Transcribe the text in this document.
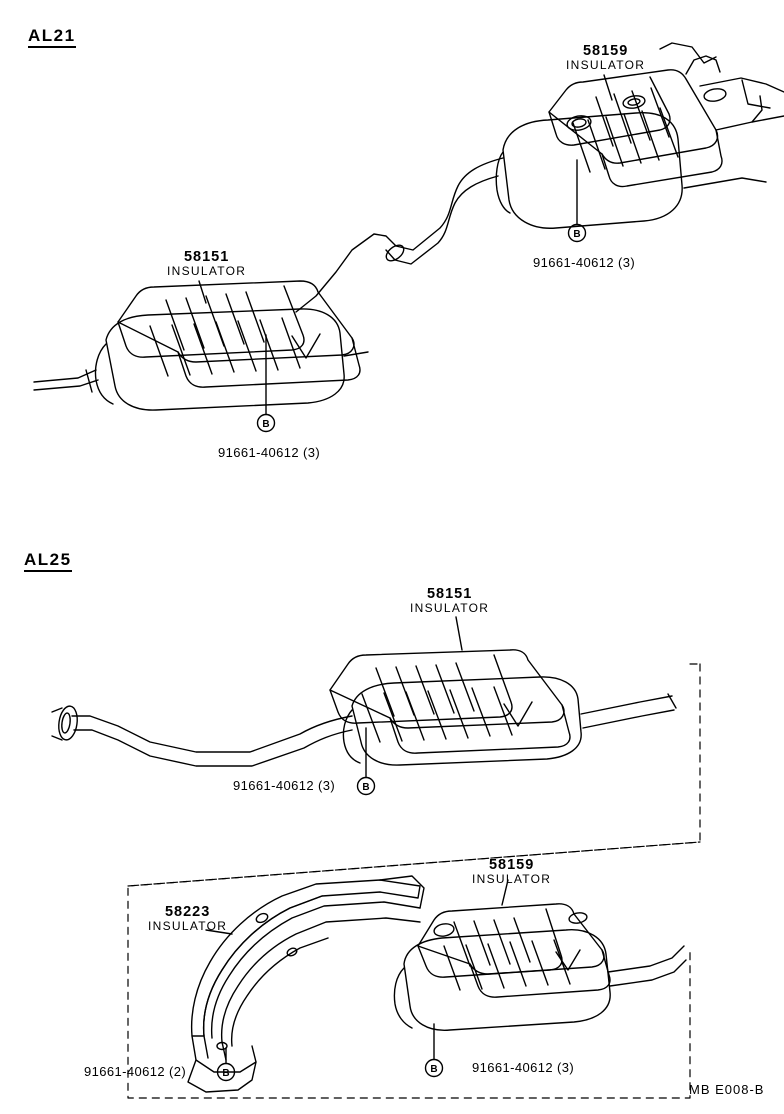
B
B
B
B	B
AL21
AL25
58159
INSULATOR
58151
INSULATOR
91661-40612 (3)
91661-40612 (3)
58151
INSULATOR
91661-40612 (3)
58159
INSULATOR
58223
INSULATOR
91661-40612 (2)	91661-40612 (3)
MB E008-B
